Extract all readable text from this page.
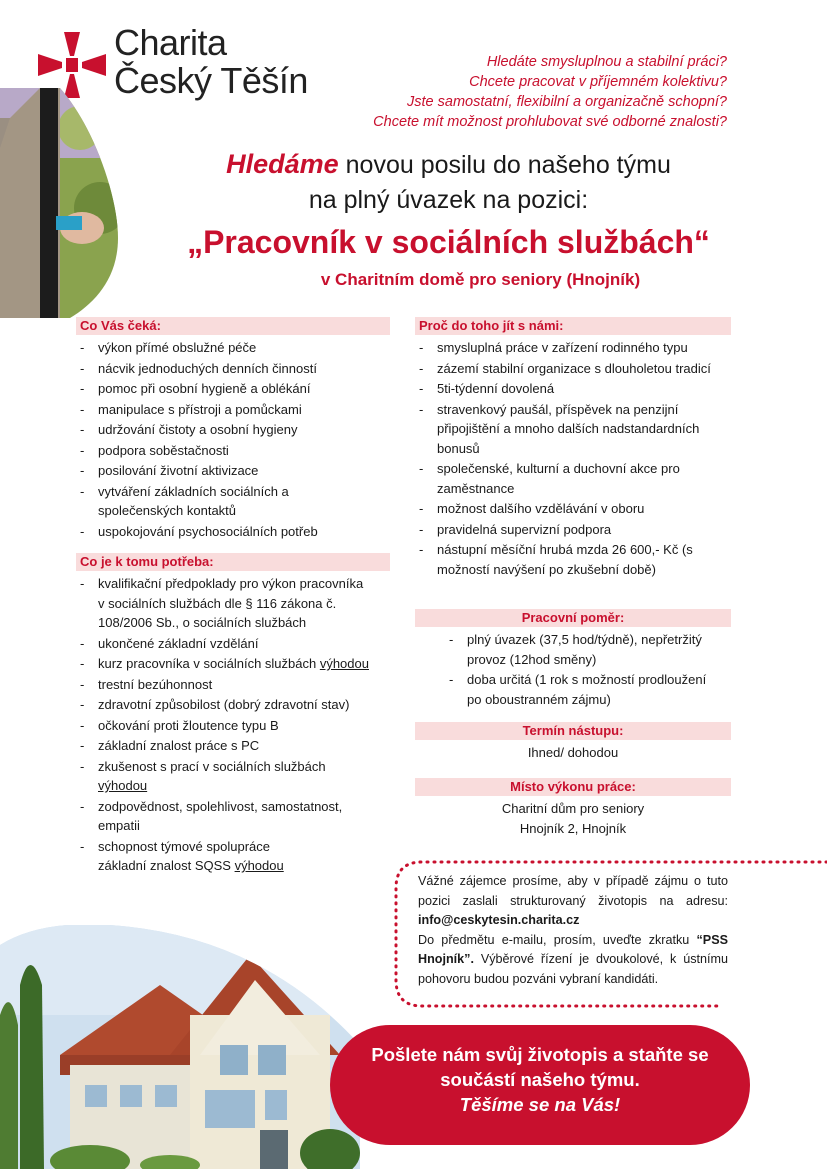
Charita
Český Těšín	Hledáte smysluplnou a stabilní práci?
Chcete pracovat v příjemném kolektivu?
Jste samostatní, flexibilní a organizačně schopní?
Chcete mít možnost prohlubovat své odborné znalosti?
Hledáme novou posilu do našeho týmu
na plný úvazek na pozici:
„Pracovník v sociálních službách“
v Charitním domě pro seniory (Hnojník)
Co Vás čeká:
- výkon přímé obslužné péče
- nácvik jednoduchých denních činností
- pomoc při osobní hygieně a oblékání
- manipulace s přístroji a pomůckami
- udržování čistoty a osobní hygieny
- podpora soběstačnosti
- posilování životní aktivizace
- vytváření základních sociálních a společenských kontaktů
- uspokojování psychosociálních potřeb
Co je k tomu potřeba:
- kvalifikační předpoklady pro výkon pracovníka v sociálních službách dle § 116 zákona č. 108/2006 Sb., o sociálních službách
- ukončené základní vzdělání
- kurz pracovníka v sociálních službách výhodou
- trestní bezúhonnost
- zdravotní způsobilost (dobrý zdravotní stav)
- očkování proti žloutence typu B
- základní znalost práce s PC
- zkušenost s prací v sociálních službách výhodou
- zodpovědnost, spolehlivost, samostatnost, empatii
- schopnost týmové spolupráce základní znalost SQSS výhodou
Proč do toho jít s námi:
- smysluplná práce v zařízení rodinného typu
- zázemí stabilní organizace s dlouholetou tradicí
- 5ti-týdenní dovolená
- stravenkový paušál, příspěvek na penzijní připojištění a mnoho dalších nadstandardních bonusů
- společenské, kulturní a duchovní akce pro zaměstnance
- možnost dalšího vzdělávání v oboru
- pravidelná supervizní podpora
- nástupní měsíční hrubá mzda 26 600,- Kč (s možností navýšení po zkušební době)
Pracovní poměr:
- plný úvazek (37,5 hod/týdně), nepřetržitý provoz (12hod směny)
- doba určitá (1 rok s možností prodloužení po oboustranném zájmu)
Termín nástupu:
Ihned/ dohodou
Místo výkonu práce:
Charitní dům pro seniory
Hnojník 2, Hnojník
Vážné zájemce prosíme, aby v případě zájmu o tuto pozici zaslali strukturovaný životopis na adresu: info@ceskytesin.charita.cz
Do předmětu e-mailu, prosím, uveďte zkratku “PSS Hnojník”. Výběrové řízení je dvoukolové, k ústnímu pohovoru budou pozváni vybraní kandidáti.
Pošlete nám svůj životopis a staňte se
součástí našeho týmu.
Těšíme se na Vás!
